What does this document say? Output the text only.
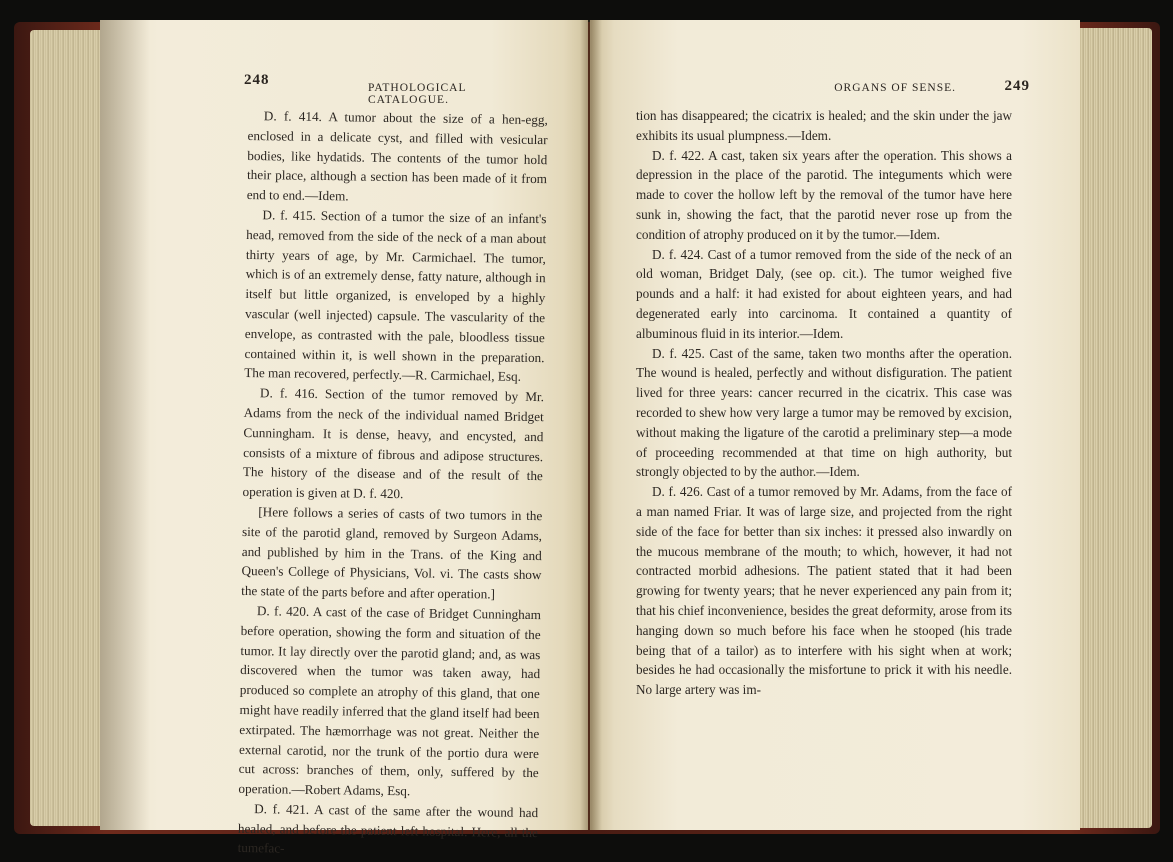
248	PATHOLOGICAL CATALOGUE.

D. f. 414. A tumor about the size of a hen-egg, enclosed in a delicate cyst, and filled with vesicular bodies, like hydatids. The contents of the tumor hold their place, although a section has been made of it from end to end.—Idem.

D. f. 415. Section of a tumor the size of an infant's head, removed from the side of the neck of a man about thirty years of age, by Mr. Carmichael. The tumor, which is of an extremely dense, fatty nature, although in itself but little organized, is enveloped by a highly vascular (well injected) capsule. The vascularity of the envelope, as contrasted with the pale, bloodless tissue contained within it, is well shown in the preparation. The man recovered, perfectly.—R. Carmichael, Esq.

D. f. 416. Section of the tumor removed by Mr. Adams from the neck of the individual named Bridget Cunningham. It is dense, heavy, and encysted, and consists of a mixture of fibrous and adipose structures. The history of the disease and of the result of the operation is given at D. f. 420.

[Here follows a series of casts of two tumors in the site of the parotid gland, removed by Surgeon Adams, and published by him in the Trans. of the King and Queen's College of Physicians, Vol. vi. The casts show the state of the parts before and after operation.]

D. f. 420. A cast of the case of Bridget Cunningham before operation, showing the form and situation of the tumor. It lay directly over the parotid gland; and, as was discovered when the tumor was taken away, had produced so complete an atrophy of this gland, that one might have readily inferred that the gland itself had been extirpated. The hæmorrhage was not great. Neither the external carotid, nor the trunk of the portio dura were cut across: branches of them, only, suffered by the operation.—Robert Adams, Esq.

D. f. 421. A cast of the same after the wound had healed, and before the patient left hospital. Here, all the tumefac-

ORGANS OF SENSE.	249

tion has disappeared; the cicatrix is healed; and the skin under the jaw exhibits its usual plumpness.—Idem.

D. f. 422. A cast, taken six years after the operation. This shows a depression in the place of the parotid. The integuments which were made to cover the hollow left by the removal of the tumor have here sunk in, showing the fact, that the parotid never rose up from the condition of atrophy produced on it by the tumor.—Idem.

D. f. 424. Cast of a tumor removed from the side of the neck of an old woman, Bridget Daly, (see op. cit.). The tumor weighed five pounds and a half: it had existed for about eighteen years, and had degenerated early into carcinoma. It contained a quantity of albuminous fluid in its interior.—Idem.

D. f. 425. Cast of the same, taken two months after the operation. The wound is healed, perfectly and without disfiguration. The patient lived for three years: cancer recurred in the cicatrix. This case was recorded to shew how very large a tumor may be removed by excision, without making the ligature of the carotid a preliminary step—a mode of proceeding recommended at that time on high authority, but strongly objected to by the author.—Idem.

D. f. 426. Cast of a tumor removed by Mr. Adams, from the face of a man named Friar. It was of large size, and projected from the right side of the face for better than six inches: it pressed also inwardly on the mucous membrane of the mouth; to which, however, it had not contracted morbid adhesions. The patient stated that it had been growing for twenty years; that he never experienced any pain from it; that his chief inconvenience, besides the great deformity, arose from its hanging down so much before his face when he stooped (his trade being that of a tailor) as to interfere with his sight when at work; besides he had occasionally the misfortune to prick it with his needle. No large artery was im-
